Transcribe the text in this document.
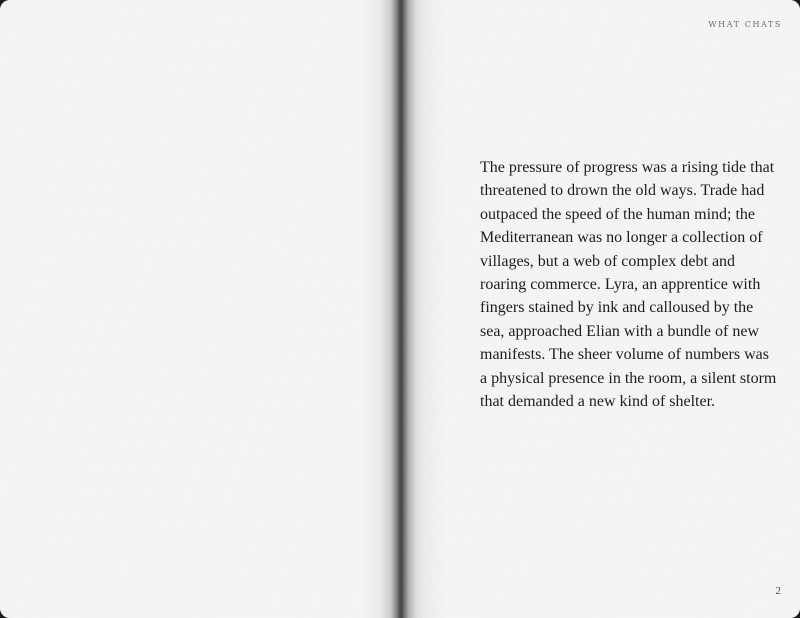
WHAT CHATS

The pressure of progress was a rising tide that threatened to drown the old ways. Trade had outpaced the speed of the human mind; the Mediterranean was no longer a collection of villages, but a web of complex debt and roaring commerce. Lyra, an apprentice with fingers stained by ink and calloused by the sea, approached Elian with a bundle of new manifests. The sheer volume of numbers was a physical presence in the room, a silent storm that demanded a new kind of shelter.

2
